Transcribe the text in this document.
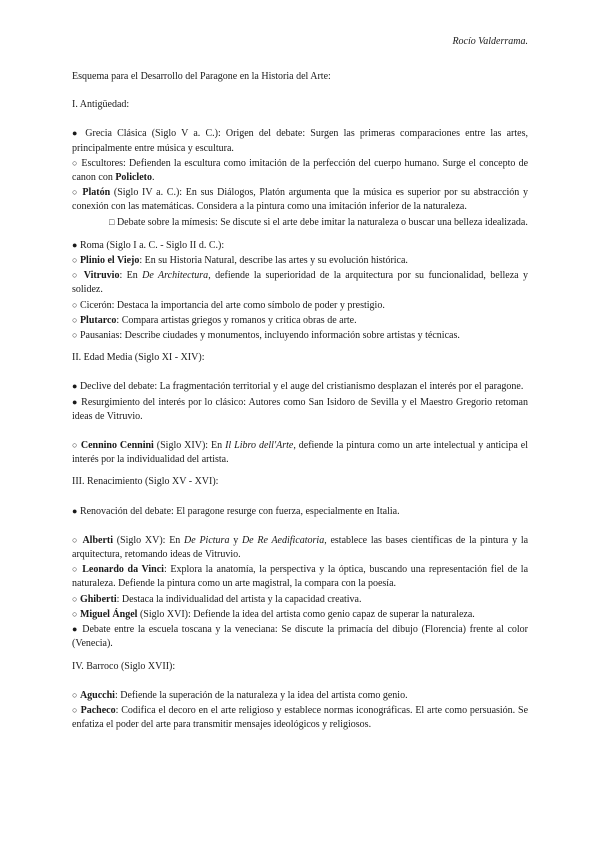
Rocío Valderrama.

Esquema para el Desarrollo del Paragone en la Historia del Arte:

I. Antigüedad:

● Grecia Clásica (Siglo V a. C.): Origen del debate: Surgen las primeras comparaciones entre las artes, principalmente entre música y escultura.

○ Escultores: Defienden la escultura como imitación de la perfección del cuerpo humano. Surge el concepto de canon con Policleto.

○ Platón (Siglo IV a. C.): En sus Diálogos, Platón argumenta que la música es superior por su abstracción y conexión con las matemáticas. Considera a la pintura como una imitación inferior de la naturaleza.

□ Debate sobre la mímesis: Se discute si el arte debe imitar la naturaleza o buscar una belleza idealizada.

● Roma (Siglo I a. C. - Siglo II d. C.):

○ Plinio el Viejo: En su Historia Natural, describe las artes y su evolución histórica.

○ Vitruvio: En De Architectura, defiende la superioridad de la arquitectura por su funcionalidad, belleza y solidez.

○ Cicerón: Destaca la importancia del arte como símbolo de poder y prestigio.

○ Plutarco: Compara artistas griegos y romanos y critica obras de arte.

○ Pausanias: Describe ciudades y monumentos, incluyendo información sobre artistas y técnicas.

II. Edad Media (Siglo XI - XIV):

● Declive del debate: La fragmentación territorial y el auge del cristianismo desplazan el interés por el paragone.

● Resurgimiento del interés por lo clásico: Autores como San Isidoro de Sevilla y el Maestro Gregorio retoman ideas de Vitruvio.

○ Cennino Cennini (Siglo XIV): En Il Libro dell'Arte, defiende la pintura como un arte intelectual y anticipa el interés por la individualidad del artista.

III. Renacimiento (Siglo XV - XVI):

● Renovación del debate: El paragone resurge con fuerza, especialmente en Italia.

○ Alberti (Siglo XV): En De Pictura y De Re Aedificatoria, establece las bases científicas de la pintura y la arquitectura, retomando ideas de Vitruvio.

○ Leonardo da Vinci: Explora la anatomía, la perspectiva y la óptica, buscando una representación fiel de la naturaleza. Defiende la pintura como un arte magistral, la compara con la poesía.

○ Ghiberti: Destaca la individualidad del artista y la capacidad creativa.

○ Miguel Ángel (Siglo XVI): Defiende la idea del artista como genio capaz de superar la naturaleza.

● Debate entre la escuela toscana y la veneciana: Se discute la primacía del dibujo (Florencia) frente al color (Venecia).

IV. Barroco (Siglo XVII):

○ Agucchi: Defiende la superación de la naturaleza y la idea del artista como genio.

○ Pacheco: Codifica el decoro en el arte religioso y establece normas iconográficas. El arte como persuasión. Se enfatiza el poder del arte para transmitir mensajes ideológicos y religiosos.
